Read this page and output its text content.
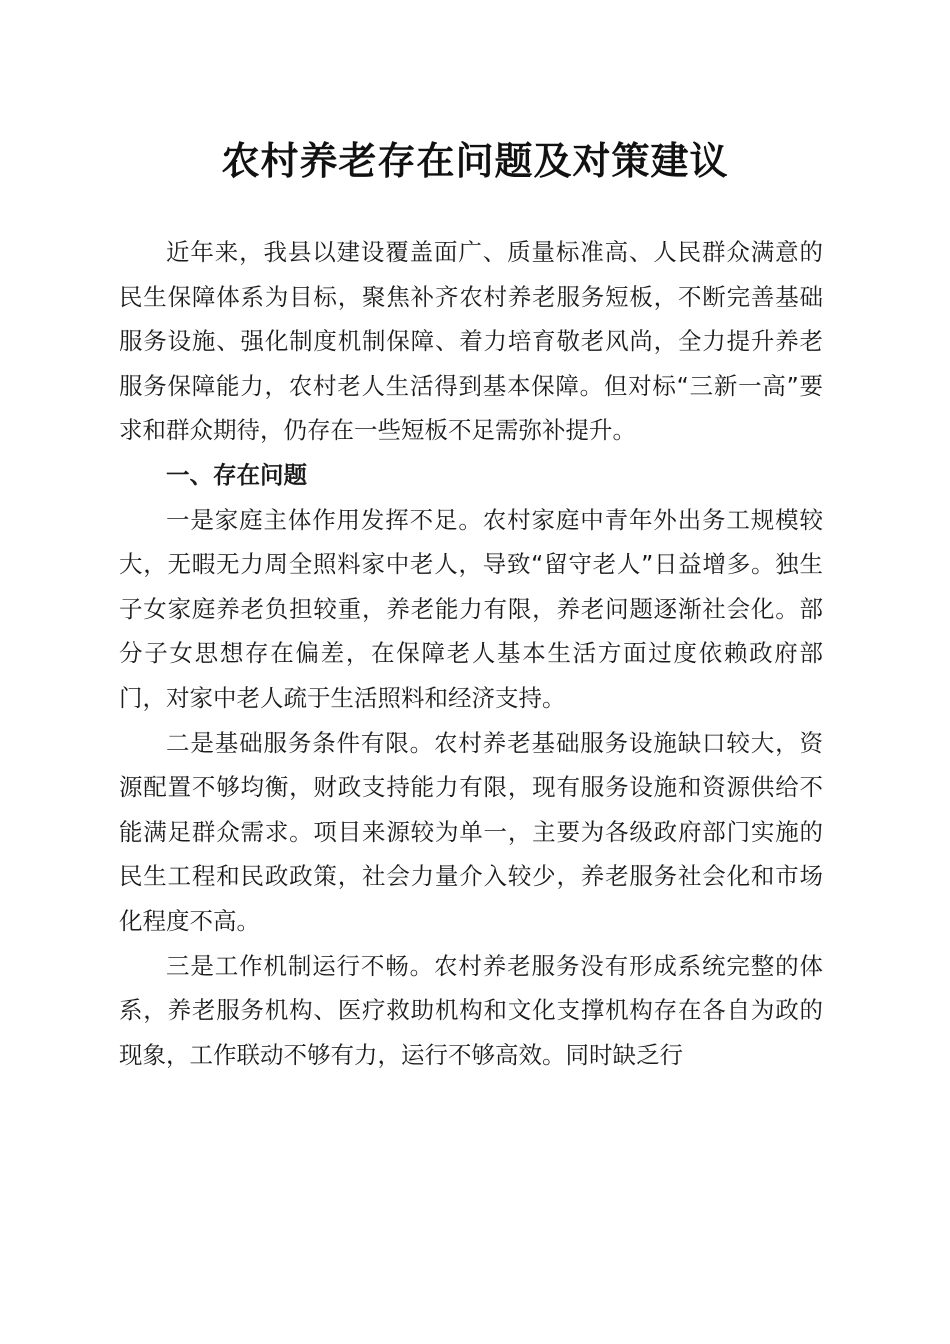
农村养老存在问题及对策建议

近年来，我县以建设覆盖面广、质量标准高、人民群众满意的民生保障体系为目标，聚焦补齐农村养老服务短板，不断完善基础服务设施、强化制度机制保障、着力培育敬老风尚，全力提升养老服务保障能力，农村老人生活得到基本保障。但对标“三新一高”要求和群众期待，仍存在一些短板不足需弥补提升。

一、存在问题

一是家庭主体作用发挥不足。农村家庭中青年外出务工规模较大，无暇无力周全照料家中老人，导致“留守老人”日益增多。独生子女家庭养老负担较重，养老能力有限，养老问题逐渐社会化。部分子女思想存在偏差，在保障老人基本生活方面过度依赖政府部门，对家中老人疏于生活照料和经济支持。

二是基础服务条件有限。农村养老基础服务设施缺口较大，资源配置不够均衡，财政支持能力有限，现有服务设施和资源供给不能满足群众需求。项目来源较为单一，主要为各级政府部门实施的民生工程和民政政策，社会力量介入较少，养老服务社会化和市场化程度不高。

三是工作机制运行不畅。农村养老服务没有形成系统完整的体系，养老服务机构、医疗救助机构和文化支撑机构存在各自为政的现象，工作联动不够有力，运行不够高效。同时缺乏行
